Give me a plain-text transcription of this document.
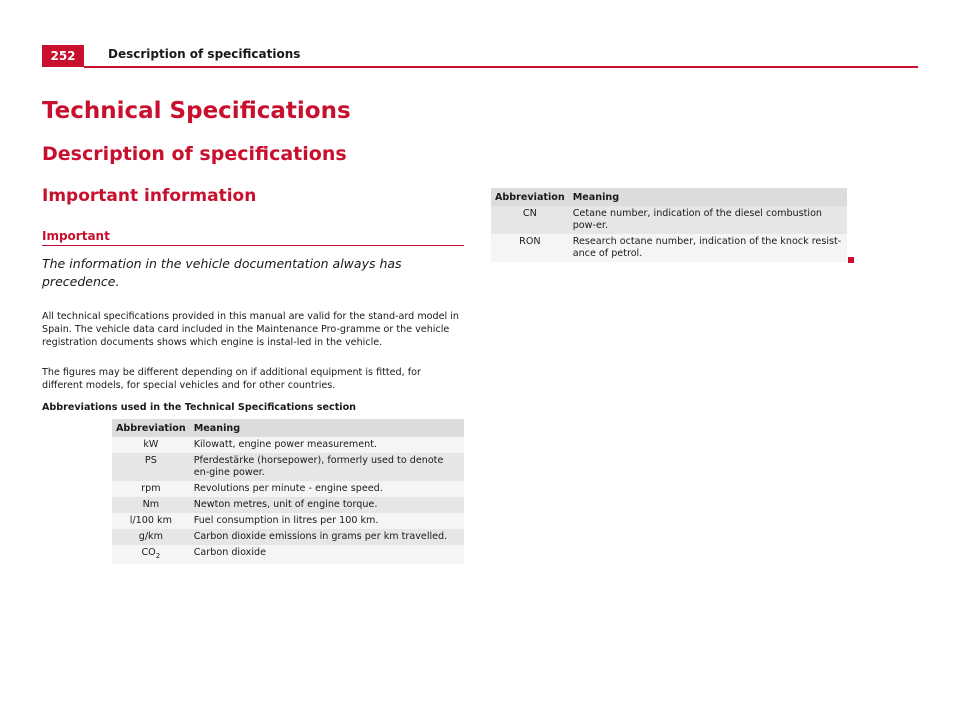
252	Description of specifications
Technical Specifications
Description of specifications
Important information
Important

The information in the vehicle documentation always has precedence.

All technical specifications provided in this manual are valid for the stand-ard model in Spain. The vehicle data card included in the Maintenance Pro-gramme or the vehicle registration documents shows which engine is instal-led in the vehicle.

The figures may be different depending on if additional equipment is fitted, for different models, for special vehicles and for other countries.

Abbreviations used in the Technical Specifications section

Abbreviation	Meaning
kW	Kilowatt, engine power measurement.
PS	Pferdestärke (horsepower), formerly used to denote en-gine power.
rpm	Revolutions per minute - engine speed.
Nm	Newton metres, unit of engine torque.
l/100 km	Fuel consumption in litres per 100 km.
g/km	Carbon dioxide emissions in grams per km travelled.
$CO_2$	Carbon dioxide
Abbreviation	Meaning
CN	Cetane number, indication of the diesel combustion pow-er.
RON	Research octane number, indication of the knock resist-ance of petrol.
